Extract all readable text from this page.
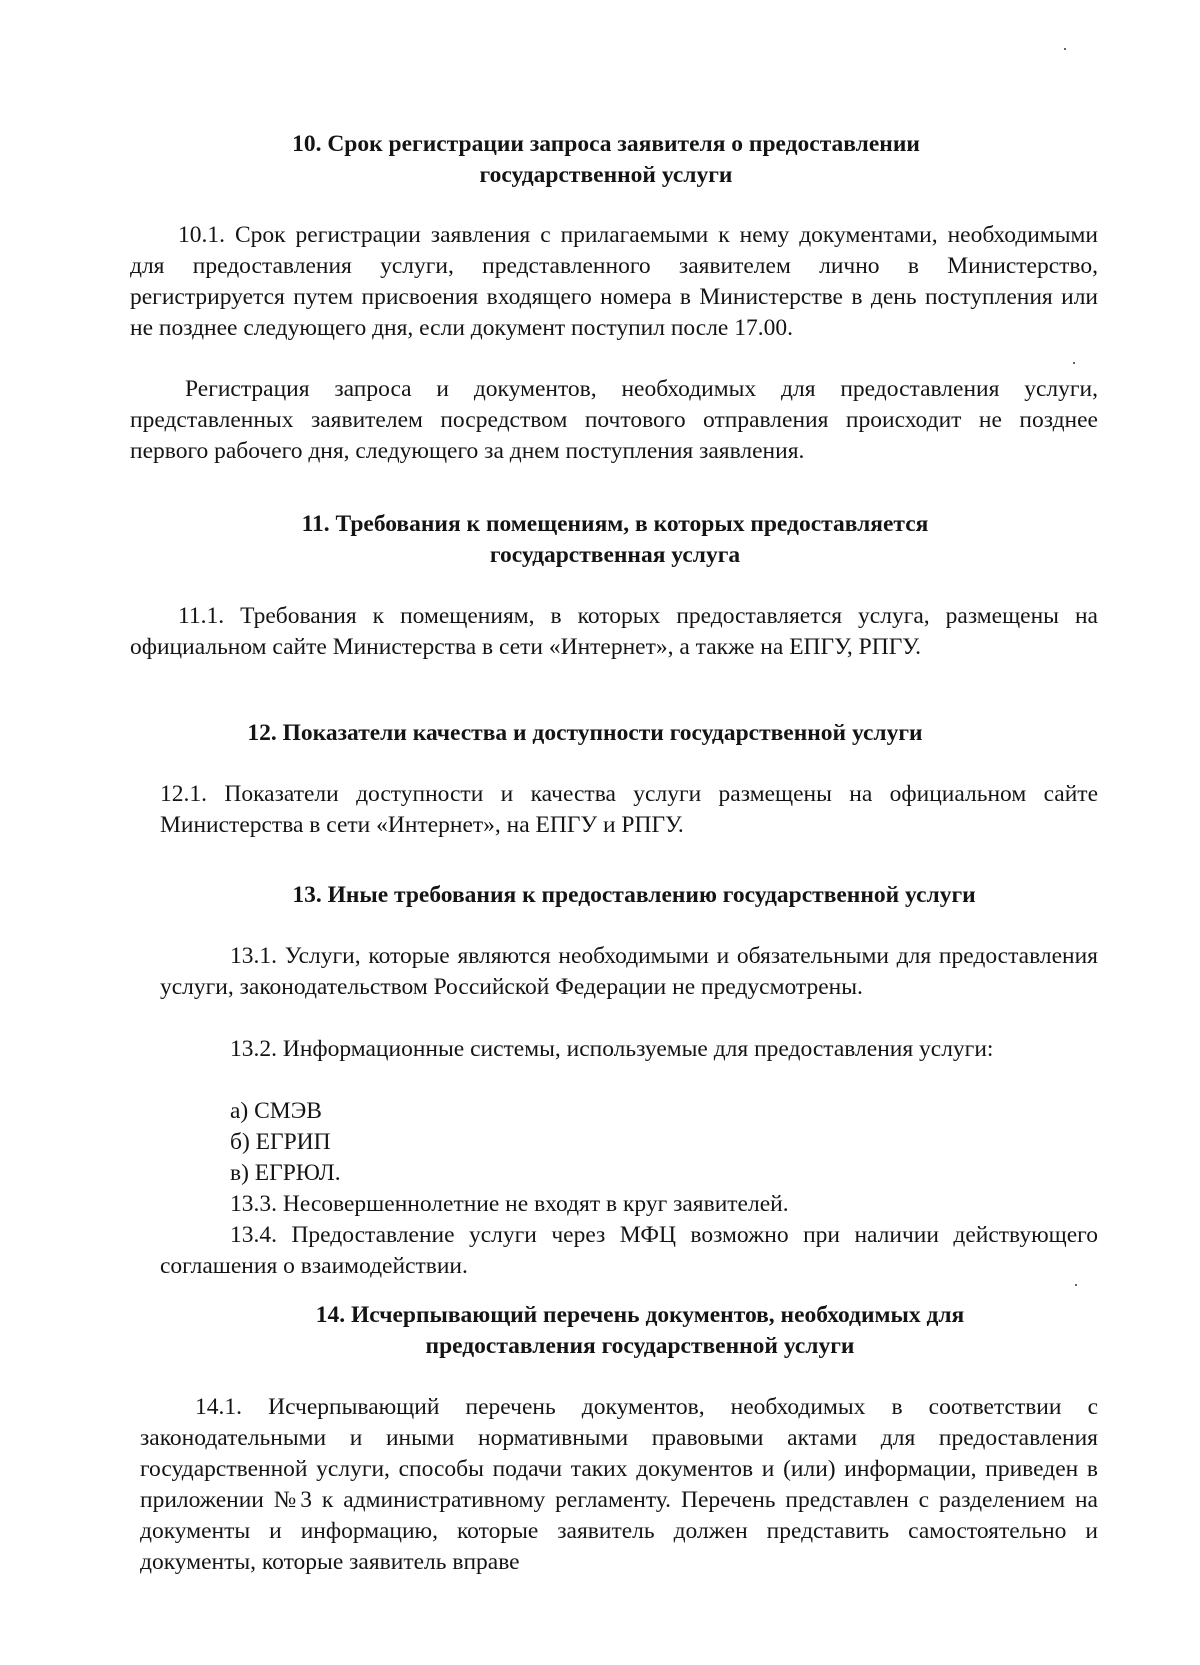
10. Срок регистрации запроса заявителя о предоставлении
государственной услуги

10.1. Срок регистрации заявления с прилагаемыми к нему документами, необходимыми для предоставления услуги, представленного заявителем лично в Министерство, регистрируется путем присвоения входящего номера в Министерстве в день поступления или не позднее следующего дня, если документ поступил после 17.00.

Регистрация запроса и документов, необходимых для предоставления услуги, представленных заявителем посредством почтового отправления происходит не позднее первого рабочего дня, следующего за днем поступления заявления.

11. Требования к помещениям, в которых предоставляется
государственная услуга

11.1. Требования к помещениям, в которых предоставляется услуга, размещены на официальном сайте Министерства в сети «Интернет», а также на ЕПГУ, РПГУ.

12. Показатели качества и доступности государственной услуги

12.1. Показатели доступности и качества услуги размещены на официальном сайте Министерства в сети «Интернет», на ЕПГУ и РПГУ.

13. Иные требования к предоставлению государственной услуги

13.1. Услуги, которые являются необходимыми и обязательными для предоставления услуги, законодательством Российской Федерации не предусмотрены.

13.2. Информационные системы, используемые для предоставления услуги:

а) СМЭВ
б) ЕГРИП
в) ЕГРЮЛ.

13.3. Несовершеннолетние не входят в круг заявителей.

13.4. Предоставление услуги через МФЦ возможно при наличии действующего соглашения о взаимодействии.

14. Исчерпывающий перечень документов, необходимых для
предоставления государственной услуги

14.1. Исчерпывающий перечень документов, необходимых в соответствии с законодательными и иными нормативными правовыми актами для предоставления государственной услуги, способы подачи таких документов и (или) информации, приведен в приложении №3 к административному регламенту. Перечень представлен с разделением на документы и информацию, которые заявитель должен представить самостоятельно и документы, которые заявитель вправе
